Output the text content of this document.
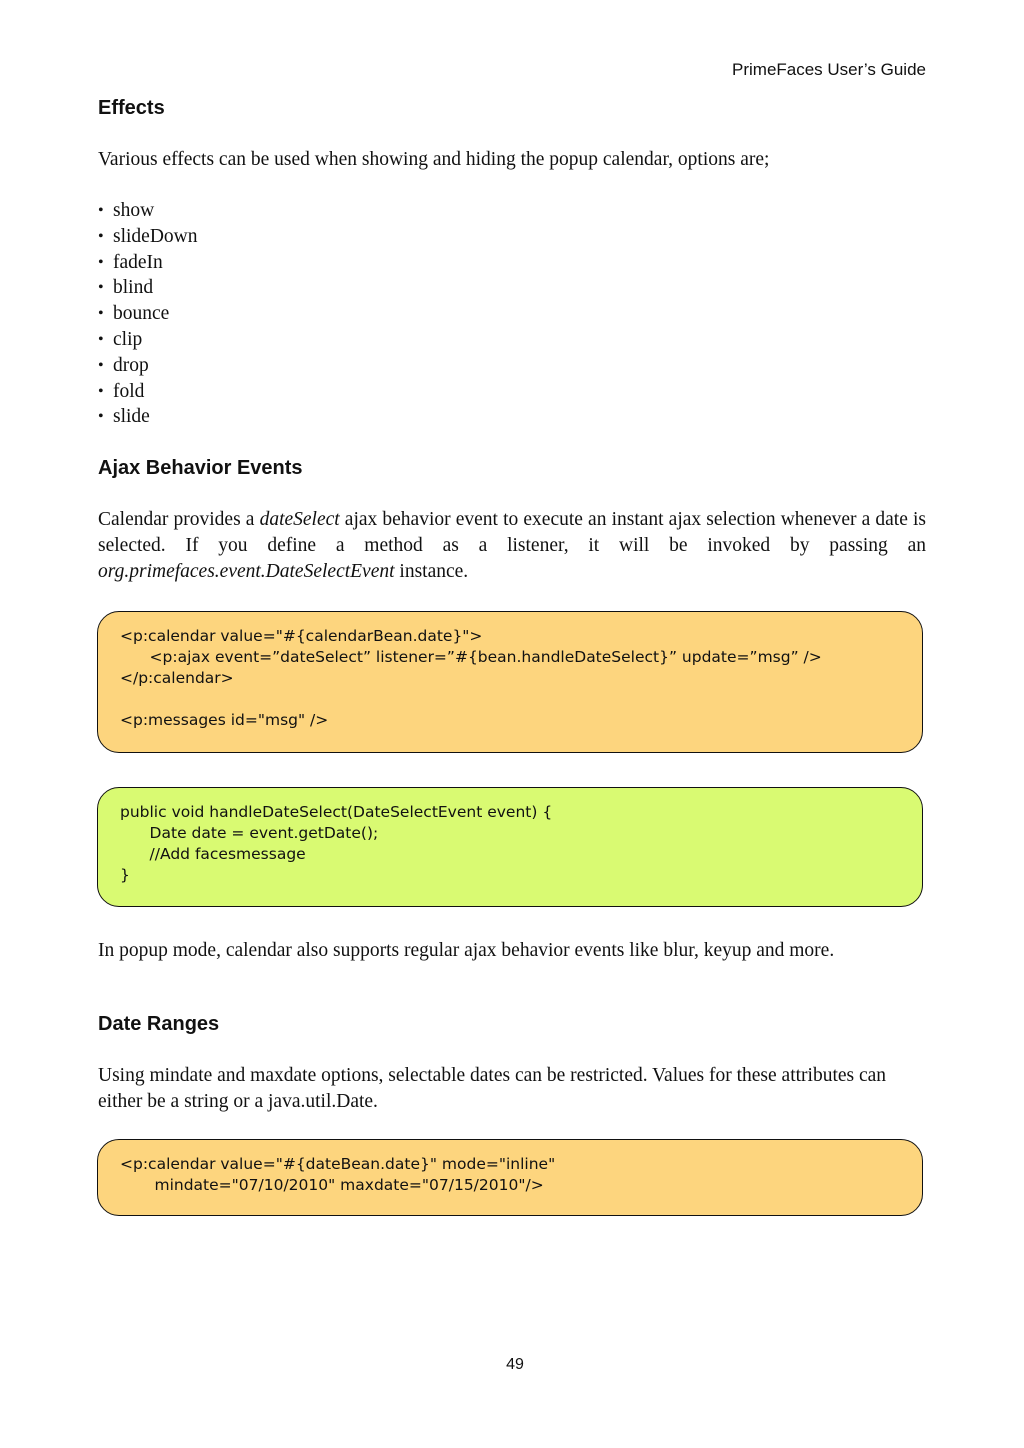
PrimeFaces User’s Guide
Effects

Various effects can be used when showing and hiding the popup calendar, options are;

• show
• slideDown
• fadeIn
• blind
• bounce
• clip
• drop
• fold
• slide
Ajax Behavior Events

Calendar provides a dateSelect ajax behavior event to execute an instant ajax selection whenever a date is selected. If you define a method as a listener, it will be invoked by passing an org.primefaces.event.DateSelectEvent instance.

<p:calendar value="#{calendarBean.date}">
<p:ajax event=”dateSelect” listener=”#{bean.handleDateSelect}” update=”msg” />
</p:calendar>
<p:messages id="msg" />
public void handleDateSelect(DateSelectEvent event) {
Date date = event.getDate();
//Add facesmessage
}

In popup mode, calendar also supports regular ajax behavior events like blur, keyup and more.

Date Ranges

Using mindate and maxdate options, selectable dates can be restricted. Values for these attributes can either be a string or a java.util.Date.

<p:calendar value="#{dateBean.date}" mode="inline"
mindate="07/10/2010" maxdate="07/15/2010"/>
49
